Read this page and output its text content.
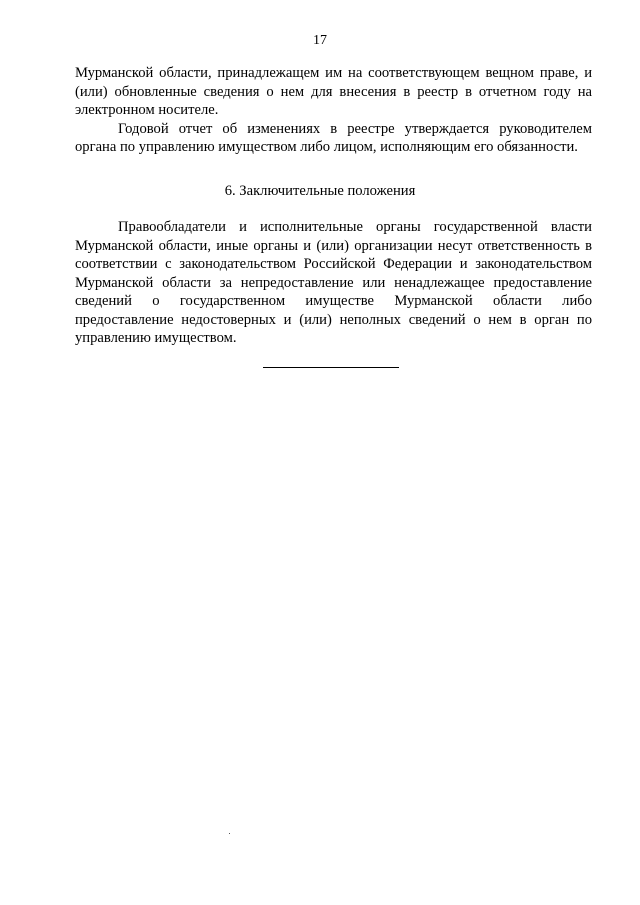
17

Мурманской области, принадлежащем им на соответствующем вещном праве, и (или) обновленные сведения о нем для внесения в реестр в отчетном году на электронном носителе.

Годовой отчет об изменениях в реестре утверждается руководителем органа по управлению имуществом либо лицом, исполняющим его обязанности.

6. Заключительные положения

Правообладатели и исполнительные органы государственной власти Мурманской области, иные органы и (или) организации несут ответственность в соответствии с законодательством Российской Федерации и законодательством Мурманской области за непредоставление или ненадлежащее предоставление сведений о государственном имуществе Мурманской области либо предоставление недостоверных и (или) неполных сведений о нем в орган по управлению имуществом.
